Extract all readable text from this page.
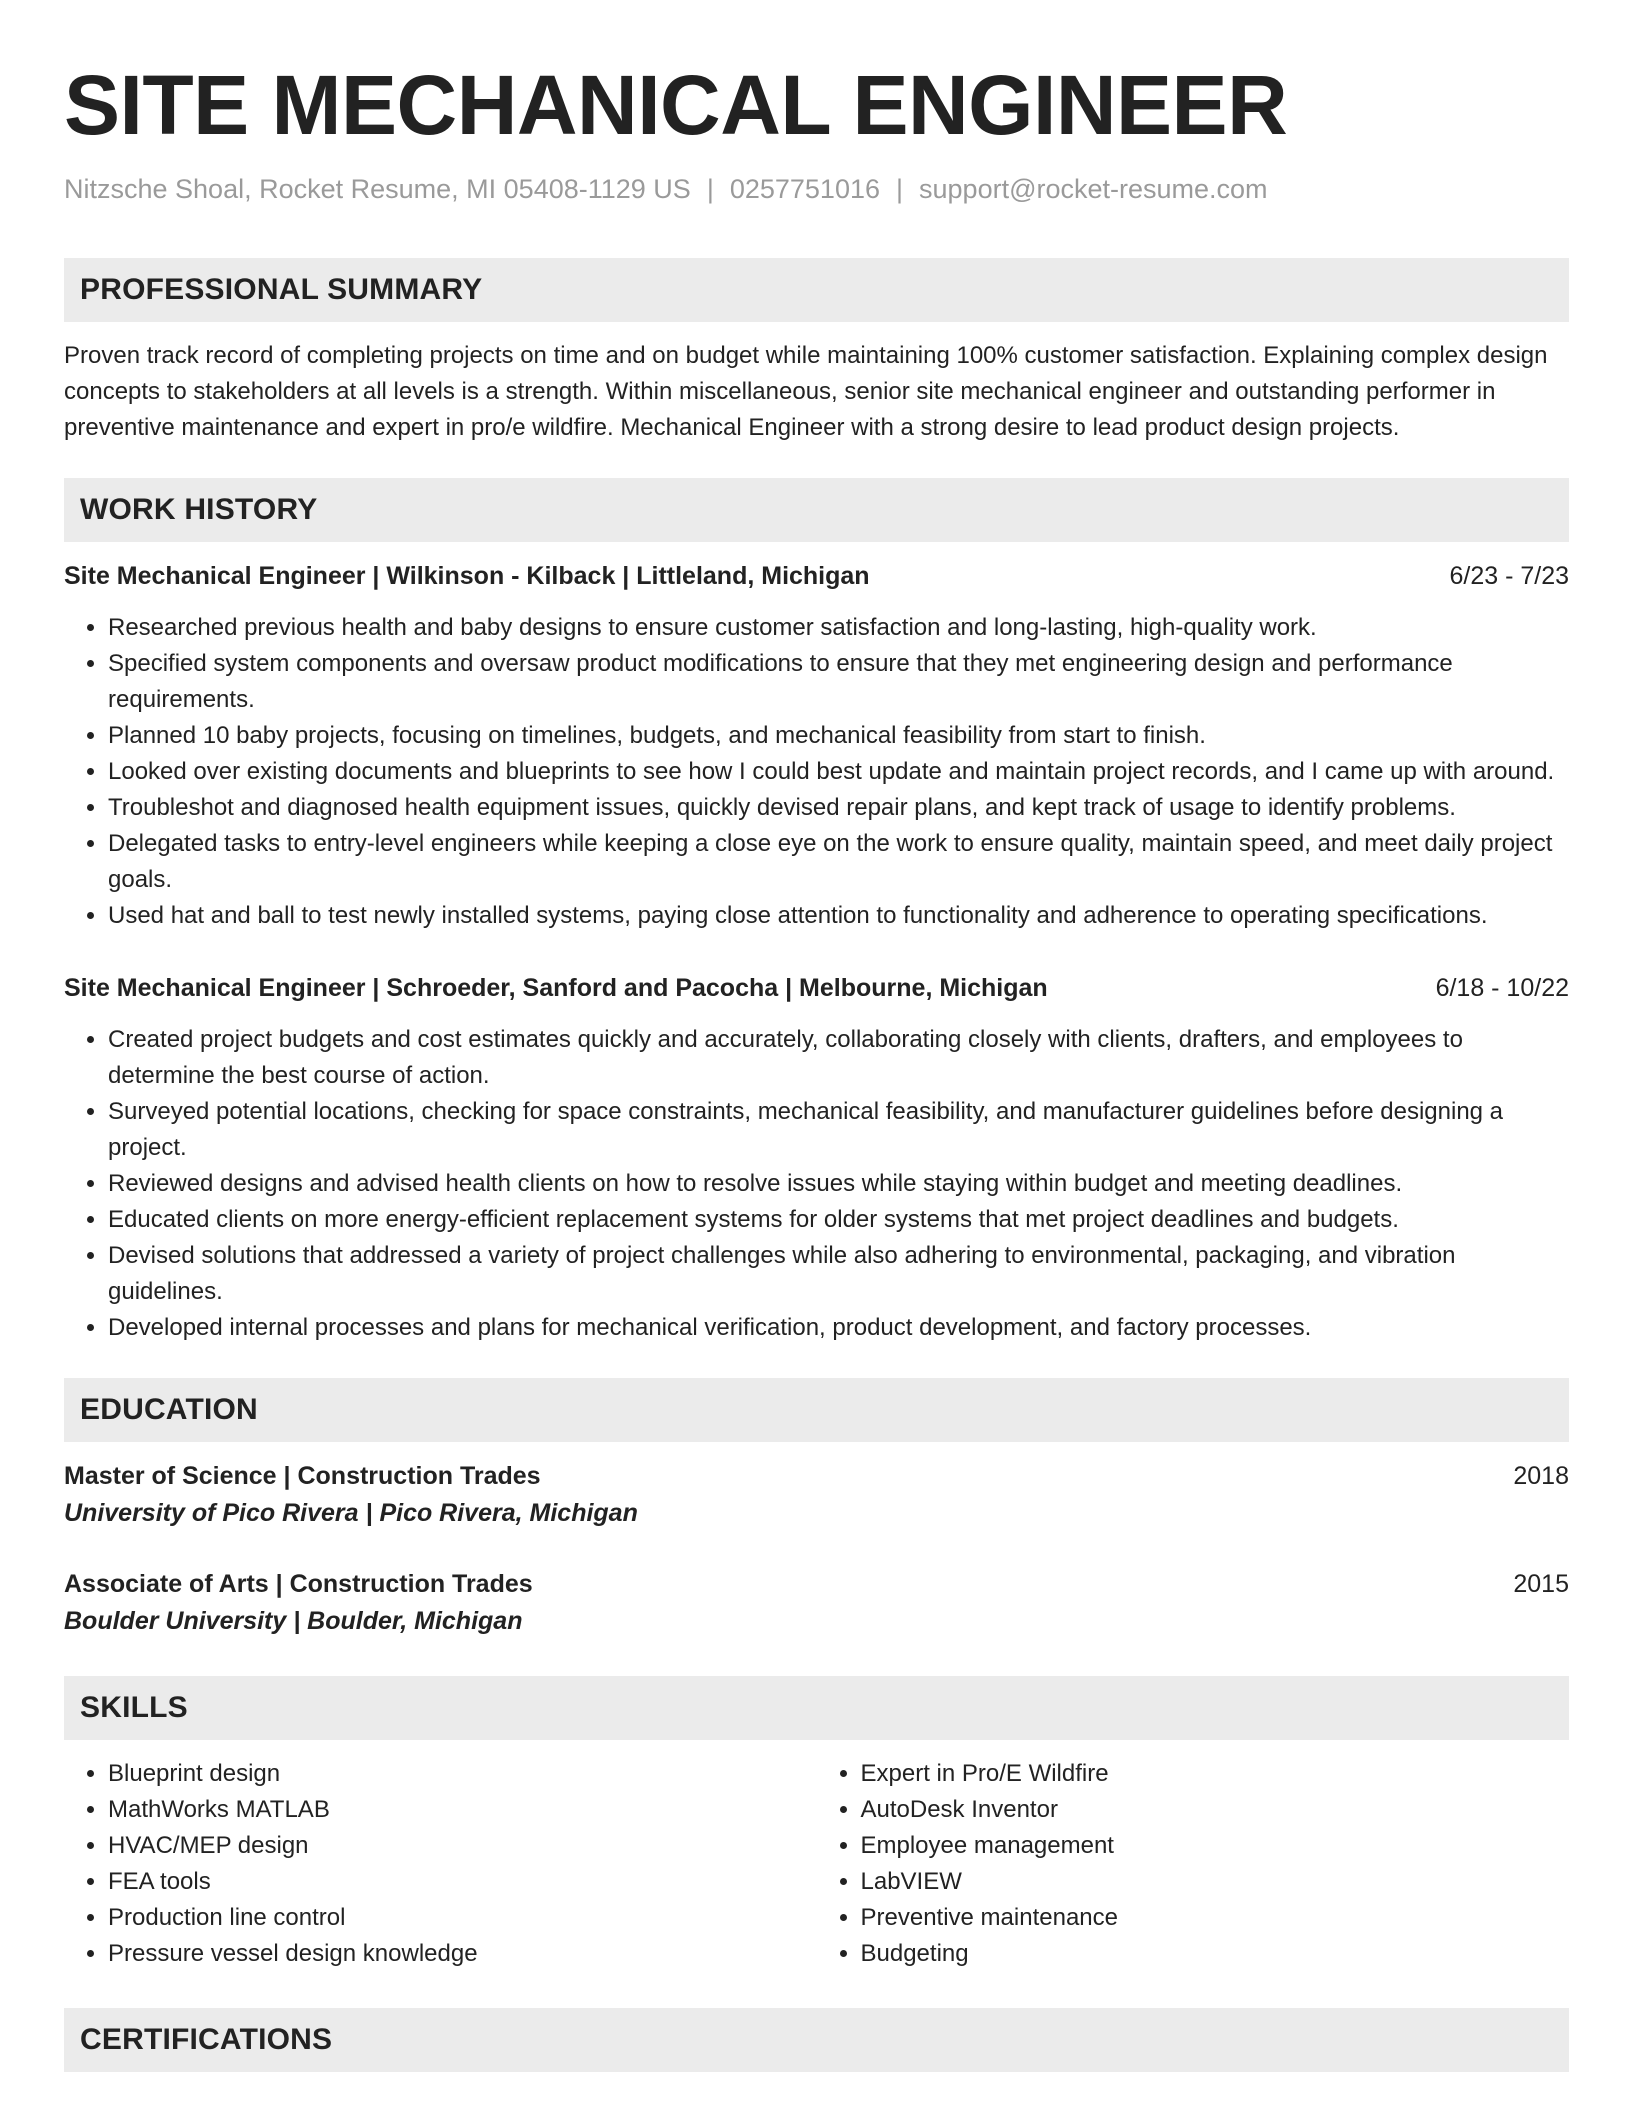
SITE MECHANICAL ENGINEER
Nitzsche Shoal, Rocket Resume, MI 05408-1129 US | 0257751016 | support@rocket-resume.com
PROFESSIONAL SUMMARY

Proven track record of completing projects on time and on budget while maintaining 100% customer satisfaction. Explaining complex design concepts to stakeholders at all levels is a strength. Within miscellaneous, senior site mechanical engineer and outstanding performer in preventive maintenance and expert in pro/e wildfire. Mechanical Engineer with a strong desire to lead product design projects.

WORK HISTORY
Site Mechanical Engineer | Wilkinson - Kilback | Littleland, Michigan	6/23 - 7/23
• Researched previous health and baby designs to ensure customer satisfaction and long-lasting, high-quality work.
• Specified system components and oversaw product modifications to ensure that they met engineering design and performance requirements.
• Planned 10 baby projects, focusing on timelines, budgets, and mechanical feasibility from start to finish.
• Looked over existing documents and blueprints to see how I could best update and maintain project records, and I came up with around.
• Troubleshot and diagnosed health equipment issues, quickly devised repair plans, and kept track of usage to identify problems.
• Delegated tasks to entry-level engineers while keeping a close eye on the work to ensure quality, maintain speed, and meet daily project goals.
• Used hat and ball to test newly installed systems, paying close attention to functionality and adherence to operating specifications.
Site Mechanical Engineer | Schroeder, Sanford and Pacocha | Melbourne, Michigan	6/18 - 10/22
• Created project budgets and cost estimates quickly and accurately, collaborating closely with clients, drafters, and employees to determine the best course of action.
• Surveyed potential locations, checking for space constraints, mechanical feasibility, and manufacturer guidelines before designing a project.
• Reviewed designs and advised health clients on how to resolve issues while staying within budget and meeting deadlines.
• Educated clients on more energy-efficient replacement systems for older systems that met project deadlines and budgets.
• Devised solutions that addressed a variety of project challenges while also adhering to environmental, packaging, and vibration guidelines.
• Developed internal processes and plans for mechanical verification, product development, and factory processes.
EDUCATION
Master of Science | Construction Trades	2018
University of Pico Rivera | Pico Rivera, Michigan
Associate of Arts | Construction Trades	2015
Boulder University | Boulder, Michigan
SKILLS
• Blueprint design
• MathWorks MATLAB
• HVAC/MEP design
• FEA tools
• Production line control
• Pressure vessel design knowledge
• Expert in Pro/E Wildfire
• AutoDesk Inventor
• Employee management
• LabVIEW
• Preventive maintenance
• Budgeting
CERTIFICATIONS
